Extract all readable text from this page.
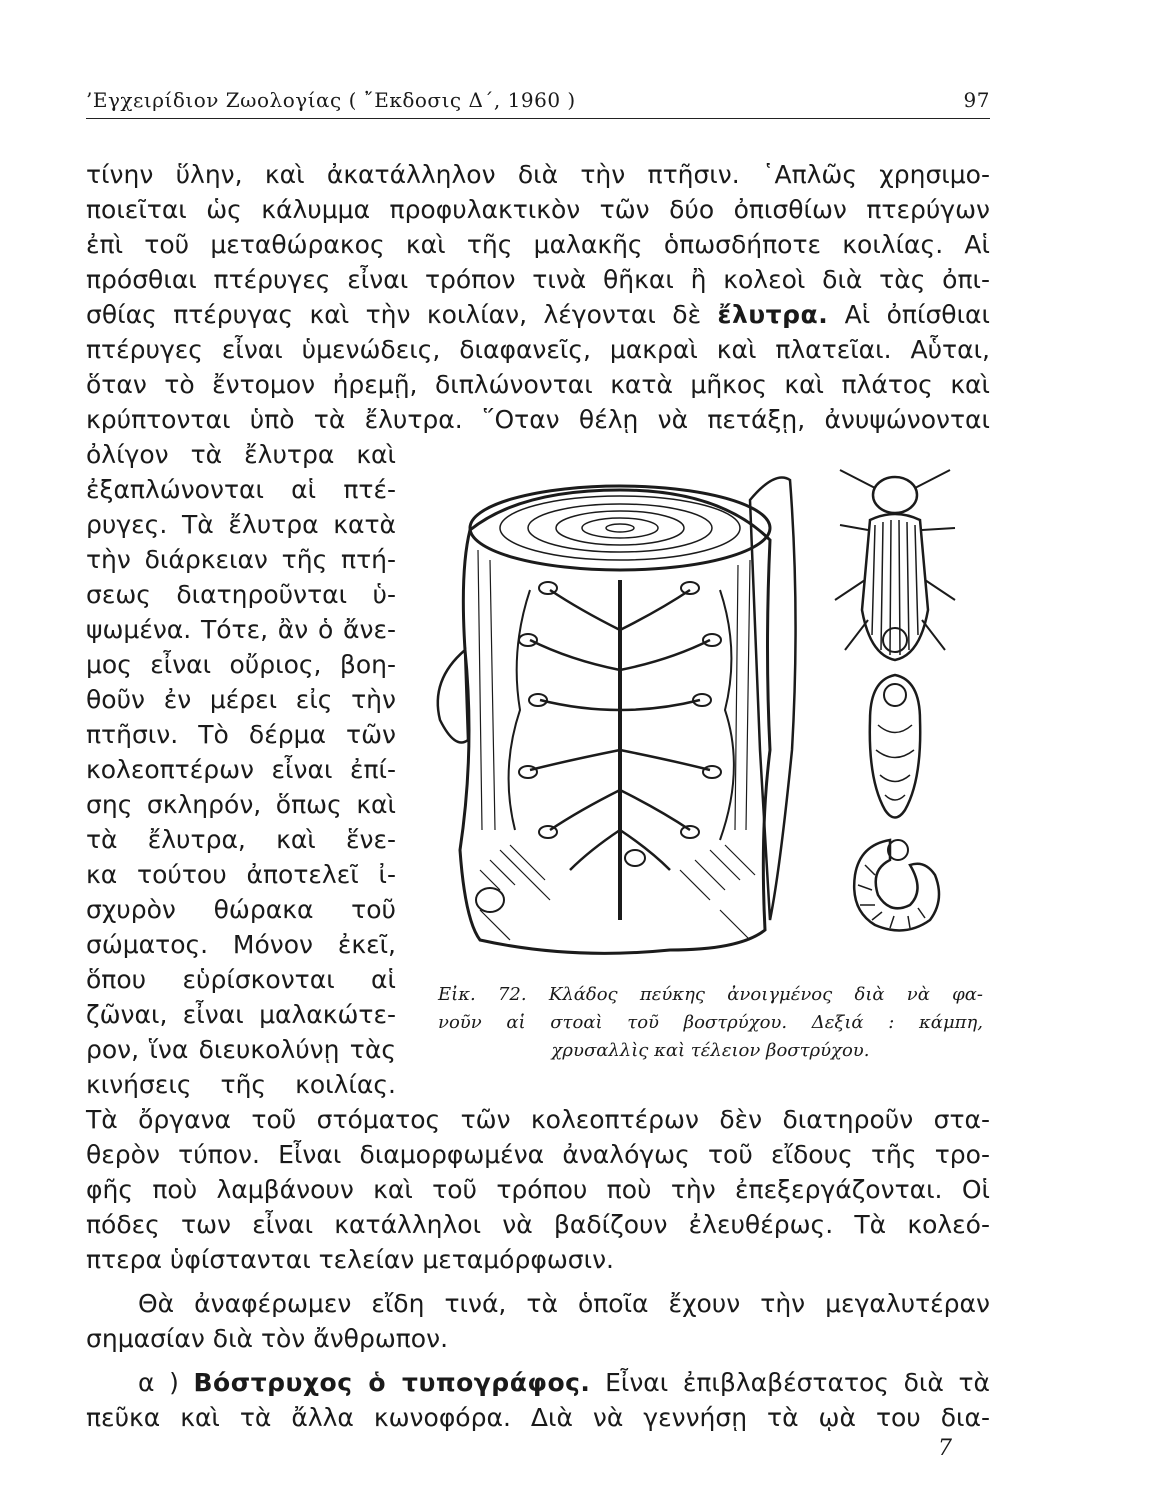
’Εγχειρίδιον Ζωολογίας ( ῎Εκδοσις Δ΄, 1960 )	97
τίνην ὕλην, καὶ ἀκατάλληλον διὰ τὴν πτῆσιν. ῾Απλῶς χρησιμο-
ποιεῖται ὡς κάλυμμα προφυλακτικὸν τῶν δύο ὀπισθίων πτερύγων
ἐπὶ τοῦ μεταθώρακος καὶ τῆς μαλακῆς ὁπωσδήποτε κοιλίας. Αἱ
πρόσθιαι πτέρυγες εἶναι τρόπον τινὰ θῆκαι ἢ κολεοὶ διὰ τὰς ὀπι-
σθίας πτέρυγας καὶ τὴν κοιλίαν, λέγονται δὲ ἔλυτρα. Αἱ ὀπίσθιαι
πτέρυγες εἶναι ὑμενώδεις, διαφανεῖς, μακραὶ καὶ πλατεῖαι. Αὗται,
ὅταν τὸ ἔντομον ἠρεμῇ, διπλώνονται κατὰ μῆκος καὶ πλάτος καὶ
κρύπτονται ὑπὸ τὰ ἔλυτρα. ῞Οταν θέλῃ νὰ πετάξῃ, ἀνυψώνονται
ὀλίγον τὰ ἔλυτρα καὶ
ἐξαπλώνονται αἱ πτέ-
ρυγες. Τὰ ἔλυτρα κατὰ
τὴν διάρκειαν τῆς πτή-
σεως διατηροῦνται ὑ-
ψωμένα. Τότε, ἂν ὁ ἄνε-
μος εἶναι οὔριος, βοη-
θοῦν ἐν μέρει εἰς τὴν
πτῆσιν. Τὸ δέρμα τῶν
κολεοπτέρων εἶναι ἐπί-
σης σκληρόν, ὅπως καὶ
τὰ ἔλυτρα, καὶ ἕνε-
κα τούτου ἀποτελεῖ ἰ-
σχυρὸν θώρακα τοῦ
σώματος. Μόνον ἐκεῖ,
ὅπου εὑρίσκονται αἱ
ζῶναι, εἶναι μαλακώτε-
ρον, ἵνα διευκολύνῃ τὰς
κινήσεις τῆς κοιλίας.
Εἰκ. 72. Κλάδος πεύκης ἀνοιγμένος διὰ νὰ φα-
νοῦν αἱ στοαὶ τοῦ βοστρύχου. Δεξιά : κάμπη,
χρυσαλλὶς καὶ τέλειον βοστρύχου.
Τὰ ὄργανα τοῦ στόματος τῶν κολεοπτέρων δὲν διατηροῦν στα-
θερὸν τύπον. Εἶναι διαμορφωμένα ἀναλόγως τοῦ εἴδους τῆς τρο-
φῆς ποὺ λαμβάνουν καὶ τοῦ τρόπου ποὺ τὴν ἐπεξεργάζονται. Οἱ
πόδες των εἶναι κατάλληλοι νὰ βαδίζουν ἐλευθέρως. Τὰ κολεό-
πτερα ὑφίστανται τελείαν μεταμόρφωσιν.
Θὰ ἀναφέρωμεν εἴδη τινά, τὰ ὁποῖα ἔχουν τὴν μεγαλυτέραν
σημασίαν διὰ τὸν ἄνθρωπον.
α ) Βόστρυχος ὁ τυπογράφος. Εἶναι ἐπιβλαβέστατος διὰ τὰ
πεῦκα καὶ τὰ ἄλλα κωνοφόρα. Διὰ νὰ γεννήσῃ τὰ ῳὰ του δια-
7
